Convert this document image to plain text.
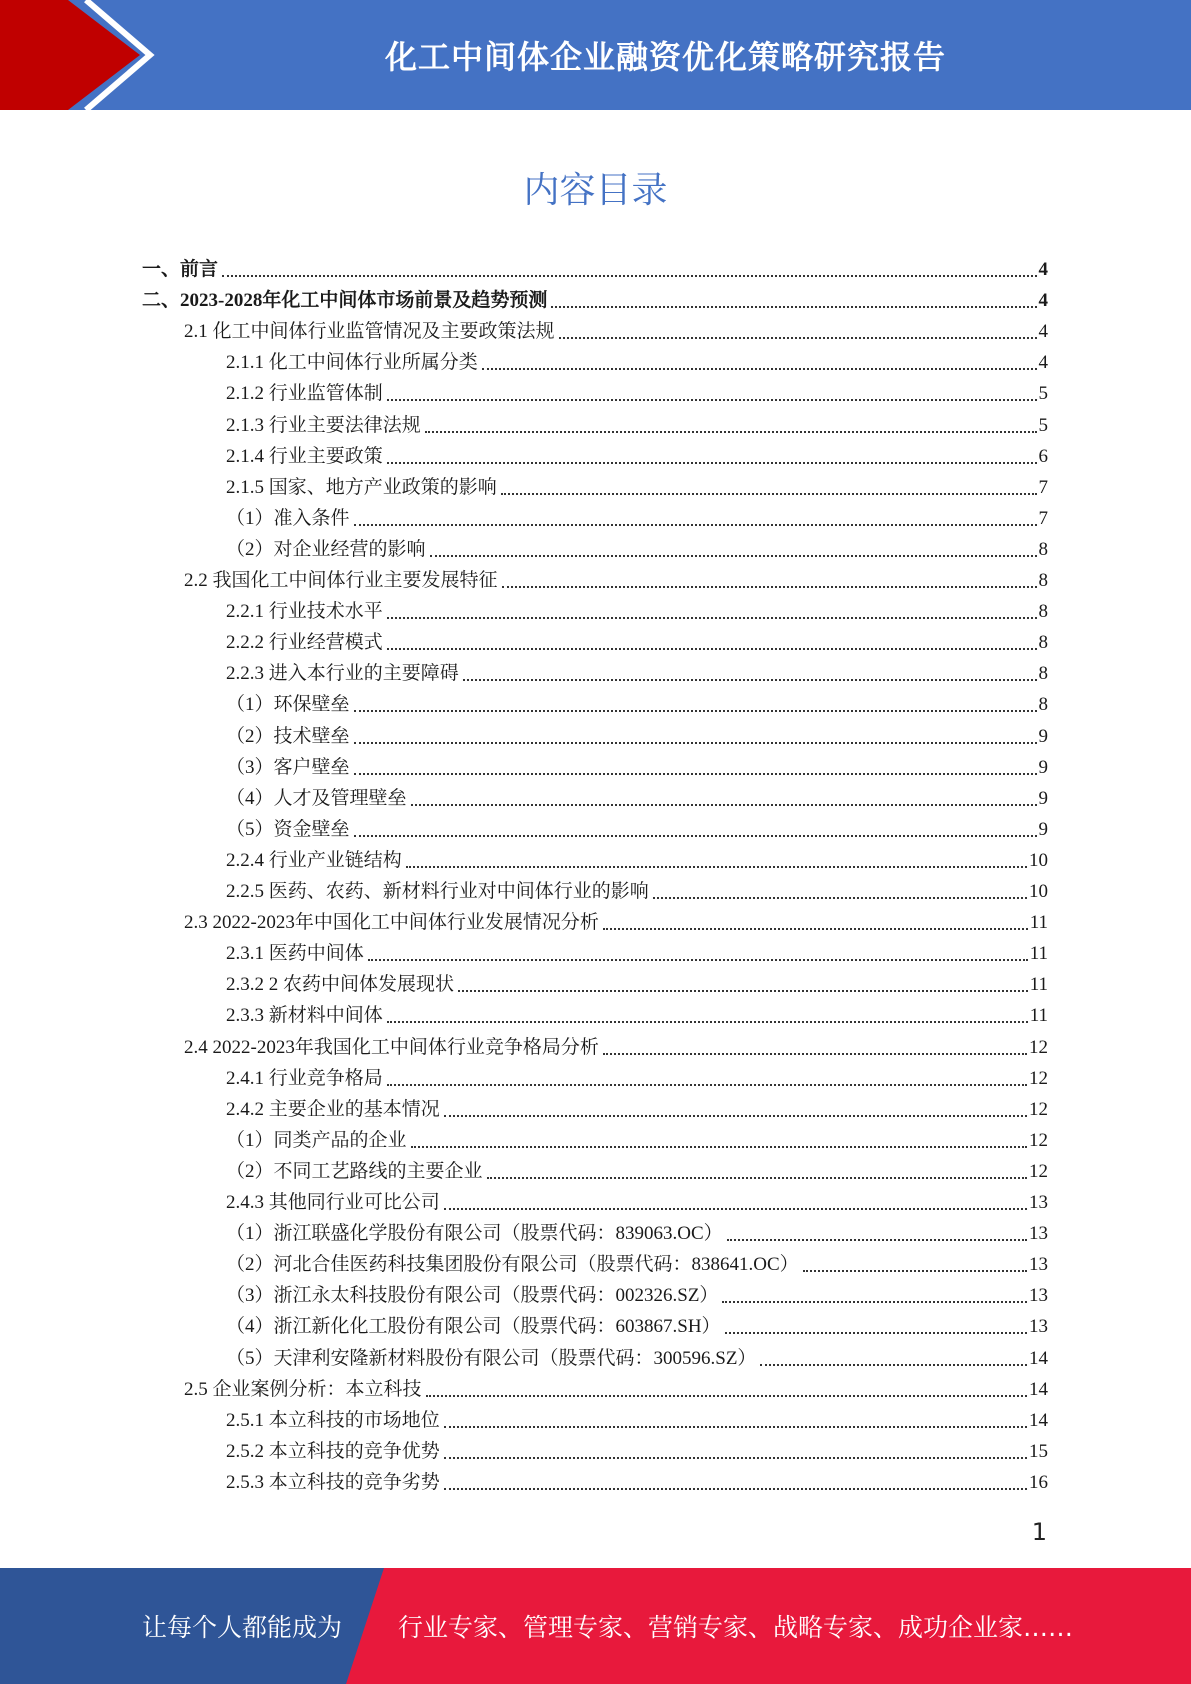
化工中间体企业融资优化策略研究报告
内容目录
一、前言	4
二、2023-2028年化工中间体市场前景及趋势预测	4
2.1 化工中间体行业监管情况及主要政策法规	4
2.1.1 化工中间体行业所属分类	4
2.1.2 行业监管体制	5
2.1.3 行业主要法律法规	5
2.1.4 行业主要政策	6
2.1.5 国家、地方产业政策的影响	7
（1）准入条件	7
（2）对企业经营的影响	8
2.2 我国化工中间体行业主要发展特征	8
2.2.1 行业技术水平	8
2.2.2 行业经营模式	8
2.2.3 进入本行业的主要障碍	8
（1）环保壁垒	8
（2）技术壁垒	9
（3）客户壁垒	9
（4）人才及管理壁垒	9
（5）资金壁垒	9
2.2.4 行业产业链结构	10
2.2.5 医药、农药、新材料行业对中间体行业的影响	10
2.3 2022-2023年中国化工中间体行业发展情况分析	11
2.3.1 医药中间体	11
2.3.2 2 农药中间体发展现状	11
2.3.3 新材料中间体	11
2.4 2022-2023年我国化工中间体行业竞争格局分析	12
2.4.1 行业竞争格局	12
2.4.2 主要企业的基本情况	12
（1）同类产品的企业	12
（2）不同工艺路线的主要企业	12
2.4.3 其他同行业可比公司	13
（1）浙江联盛化学股份有限公司（股票代码：839063.OC）	13
（2）河北合佳医药科技集团股份有限公司（股票代码：838641.OC）	13
（3）浙江永太科技股份有限公司（股票代码：002326.SZ）	13
（4）浙江新化化工股份有限公司（股票代码：603867.SH）	13
（5）天津利安隆新材料股份有限公司（股票代码：300596.SZ）	14
2.5 企业案例分析：本立科技	14
2.5.1 本立科技的市场地位	14
2.5.2 本立科技的竞争优势	15
2.5.3 本立科技的竞争劣势	16
1
让每个人都能成为 行业专家、管理专家、营销专家、战略专家、成功企业家……
